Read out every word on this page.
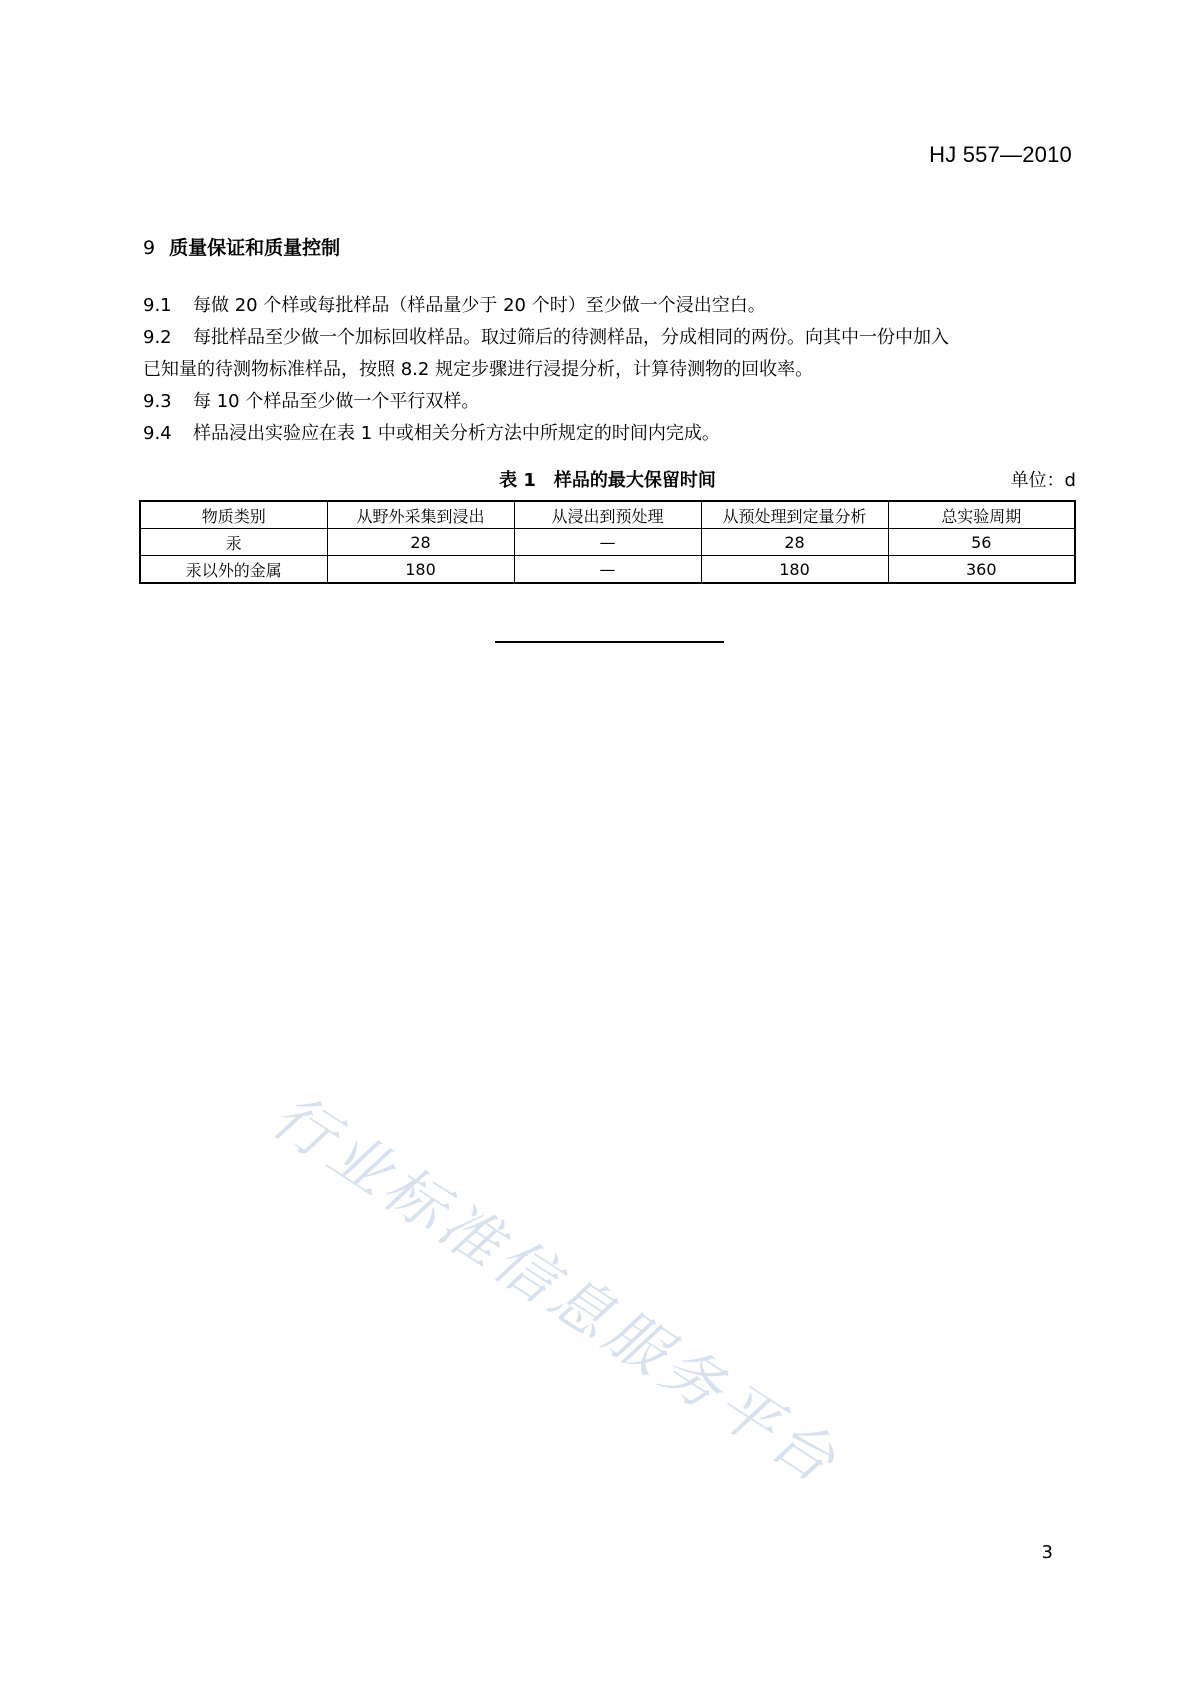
HJ 557—2010
9 质量保证和质量控制
9.1 每做 20 个样或每批样品（样品量少于 20 个时）至少做一个浸出空白。
9.2 每批样品至少做一个加标回收样品。取过筛后的待测样品，分成相同的两份。向其中一份中加入
已知量的待测物标准样品，按照 8.2 规定步骤进行浸提分析，计算待测物的回收率。
9.3 每 10 个样品至少做一个平行双样。
9.4 样品浸出实验应在表 1 中或相关分析方法中所规定的时间内完成。
表 1 样品的最大保留时间	单位：d
物质类别	从野外采集到浸出	从浸出到预处理	从预处理到定量分析	总实验周期
汞	28	—	28	56
汞以外的金属	180	—	180	360
行业标准信息服务平台
3
